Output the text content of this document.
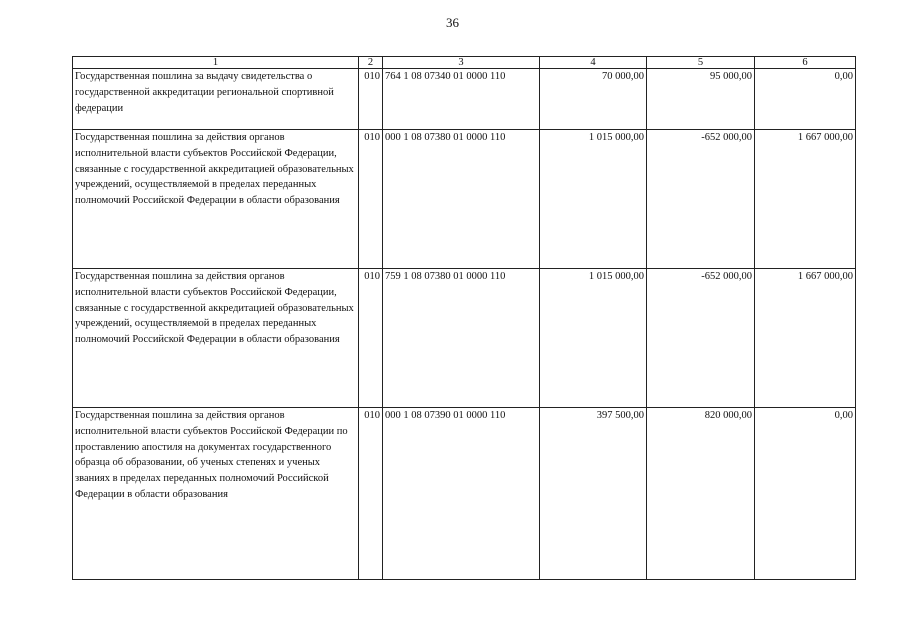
36
1	2	3	4	5	6
Государственная пошлина за выдачу свидетельства о государственной аккредитации региональной спортивной федерации	010	764 1 08 07340 01 0000 110	70 000,00	95 000,00	0,00
Государственная пошлина за действия органов исполнительной власти субъектов Российской Федерации, связанные с государственной аккредитацией образовательных учреждений, осуществляемой в пределах переданных полномочий Российской Федерации в области образования	010	000 1 08 07380 01 0000 110	1 015 000,00	-652 000,00	1 667 000,00
Государственная пошлина за действия органов исполнительной власти субъектов Российской Федерации, связанные с государственной аккредитацией образовательных учреждений, осуществляемой в пределах переданных полномочий Российской Федерации в области образования	010	759 1 08 07380 01 0000 110	1 015 000,00	-652 000,00	1 667 000,00
Государственная пошлина за действия органов исполнительной власти субъектов Российской Федерации по проставлению апостиля на документах государственного образца об образовании, об ученых степенях и ученых званиях в пределах переданных полномочий Российской Федерации в области образования	010	000 1 08 07390 01 0000 110	397 500,00	820 000,00	0,00
